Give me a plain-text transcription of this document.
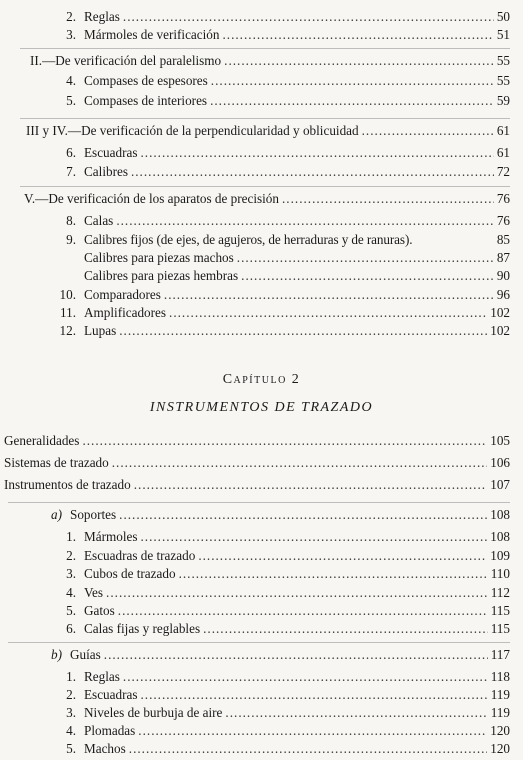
2. Reglas .....	50
3. Mármoles de verificación .....	51
II.— De verificación del paralelismo .....	55
4. Compases de espesores .....	55
5. Compases de interiores .....	59
III y IV.— De verificación de la perpendicularidad y oblicuidad .....	61
6. Escuadras .....	61
7. Calibres .....	72
V.— De verificación de los aparatos de precisión .....	76
8. Calas .....	76
9. Calibres fijos (de ejes, de agujeros, de herraduras y de ranuras).	85
Calibres para piezas machos .....	87
Calibres para piezas hembras .....	90
10. Comparadores .....	96
11. Amplificadores .....	102
12. Lupas .....	102
Capítulo 2
INSTRUMENTOS DE TRAZADO
Generalidades .....	105
Sistemas de trazado .....	106
Instrumentos de trazado .....	107
a) Soportes .....	108
1. Mármoles .....	108
2. Escuadras de trazado .....	109
3. Cubos de trazado .....	110
4. Ves .....	112
5. Gatos .....	115
6. Calas fijas y reglables .....	115
b) Guías .....	117
1. Reglas .....	118
2. Escuadras .....	119
3. Niveles de burbuja de aire .....	119
4. Plomadas .....	120
5. Machos .....	120
